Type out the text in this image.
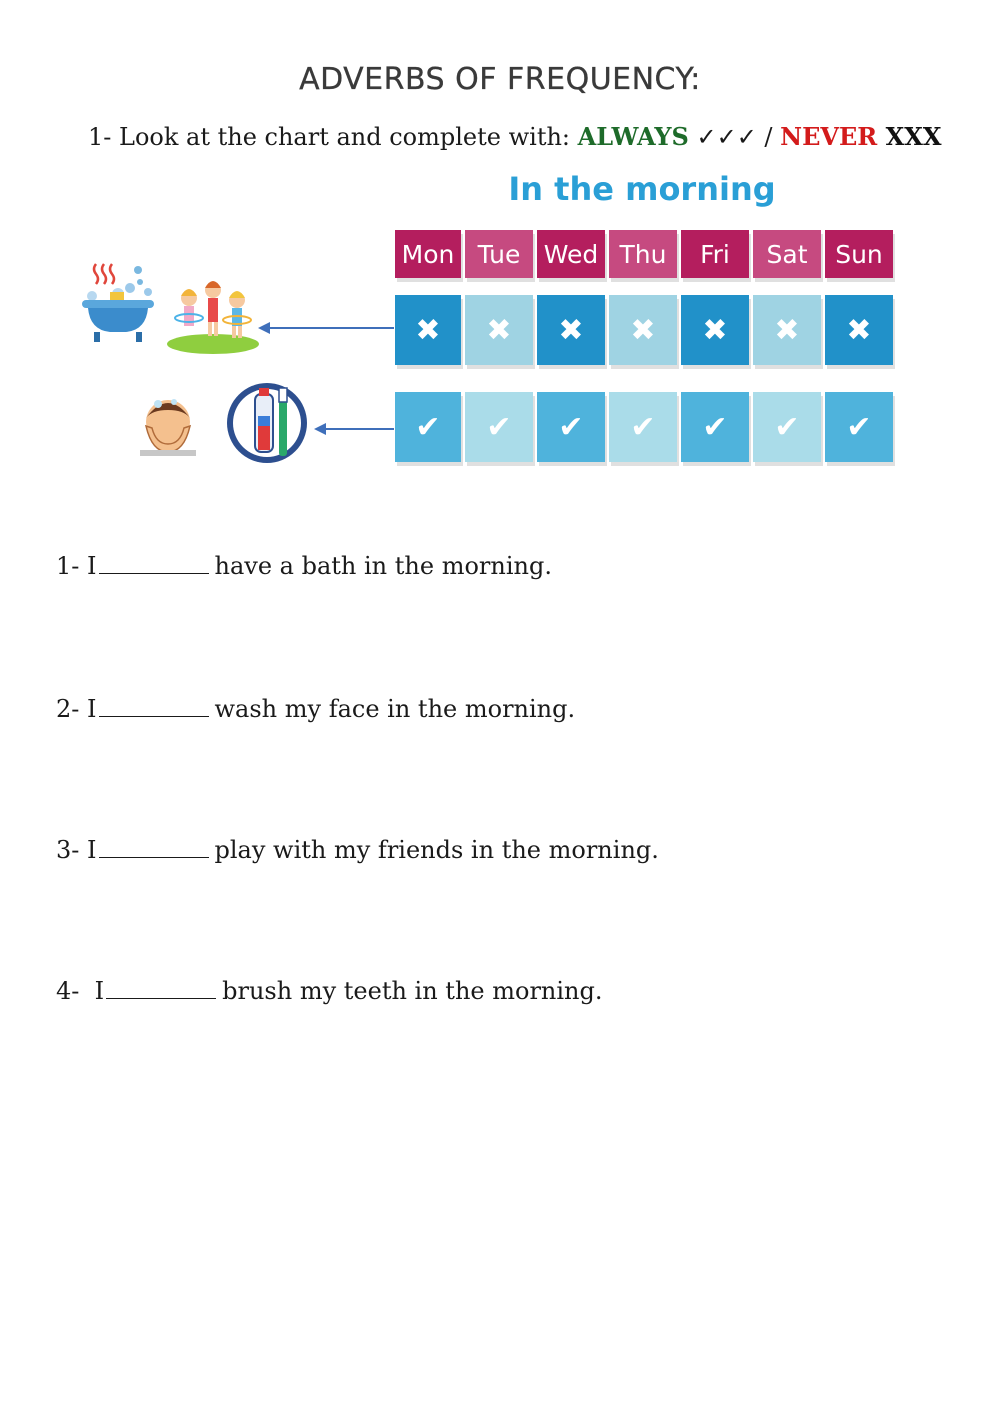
ADVERBS OF FREQUENCY:
1- Look at the chart and complete with: ALWAYS ✓✓✓ / NEVER XXX
In the morning
Mon Tue Wed Thu	Fri	Sat	Sun
✖	✖	✖	✖	✖	✖	✖
✔	✔	✔	✔	✔	✔	✔
1- I	have a bath in the morning.
2- I	wash my face in the morning.
3- I	play with my friends in the morning.
4-  I	brush my teeth in the morning.
